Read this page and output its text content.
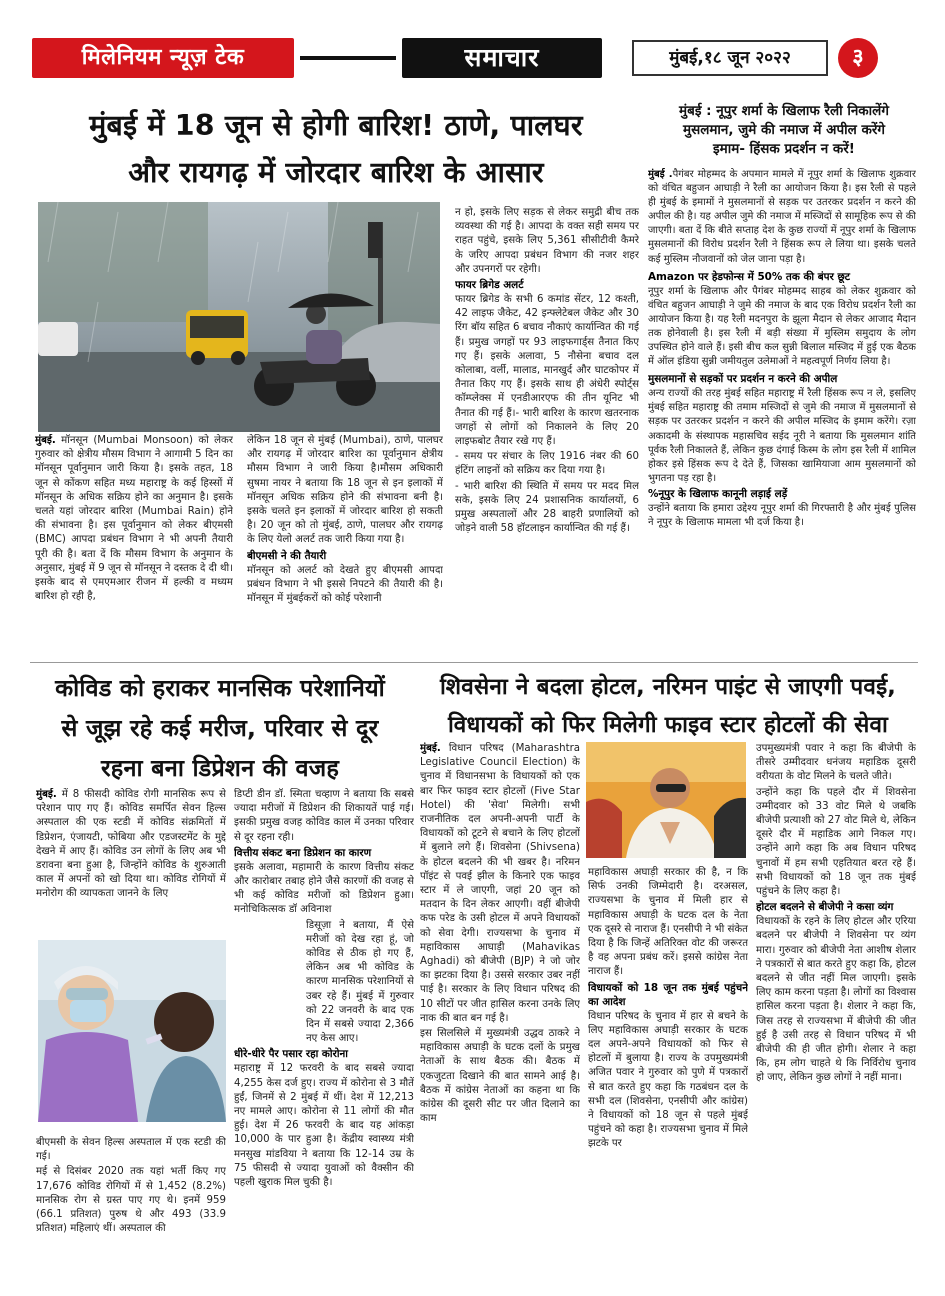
मिलेनियम न्यूज़ टेक	समाचार	मुंबई,१८ जून २०२२	३
मुंबई में 18 जून से होगी बारिश! ठाणे, पालघर
और रायगढ़ में जोरदार बारिश के आसार

मुंबई. मॉनसून (Mumbai Monsoon) को लेकर गुरुवार को क्षेत्रीय मौसम विभाग ने आगामी 5 दिन का मॉनसून पूर्वानुमान जारी किया है। इसके तहत, 18 जून से कोंकण सहित मध्य महाराष्ट्र के कई हिस्सों में मॉनसून के अधिक सक्रिय होने का अनुमान है। इसके चलते यहां जोरदार बारिश (Mumbai Rain) होने की संभावना है। इस पूर्वानुमान को लेकर बीएमसी (BMC) आपदा प्रबंधन विभाग ने भी अपनी तैयारी पूरी की है। बता दें कि मौसम विभाग के अनुमान के अनुसार, मुंबई में 9 जून से मॉनसून ने दस्तक दे दी थी। इसके बाद से एमएमआर रीजन में हल्की व मध्यम बारिश हो रही है,

लेकिन 18 जून से मुंबई (Mumbai), ठाणे, पालघर और रायगढ़ में जोरदार बारिश का पूर्वानुमान क्षेत्रीय मौसम विभाग ने जारी किया है।मौसम अधिकारी सुषमा नायर ने बताया कि 18 जून से इन इलाकों में मॉनसून अधिक सक्रिय होने की संभावना बनी है। इसके चलते इन इलाकों में जोरदार बारिश हो सकती है। 20 जून को तो मुंबई, ठाणे, पालघर और रायगढ़ के लिए येलो अलर्ट तक जारी किया गया है।

बीएमसी ने की तैयारी

मॉनसून को अलर्ट को देखते हुए बीएमसी आपदा प्रबंधन विभाग ने भी इससे निपटने की तैयारी की है। मॉनसून में मुंबईकरों को कोई परेशानी

न हो, इसके लिए सड़क से लेकर समुद्री बीच तक व्यवस्था की गई है। आपदा के वक्त सही समय पर राहत पहुंचे, इसके लिए 5,361 सीसीटीवी कैमरे के जरिए आपदा प्रबंधन विभाग की नजर शहर और उपनगरों पर रहेगी।

फायर ब्रिगेड अलर्ट

फायर ब्रिगेड के सभी 6 कमांड सेंटर, 12 कश्ती, 42 लाइफ जैकेट, 42 इन्फ्लेटेबल जैकेट और 30 रिंग बॉय सहित 6 बचाव नौकाएं कार्यान्वित की गई हैं। प्रमुख जगहों पर 93 लाइफगार्ड्स तैनात किए गए हैं। इसके अलावा, 5 नौसेना बचाव दल कोलाबा, वर्ली, मालाड, मानखुर्द और घाटकोपर में तैनात किए गए हैं। इसके साथ ही अंधेरी स्पोर्ट्स कॉम्प्लेक्स में एनडीआरएफ की तीन यूनिट भी तैनात की गई हैं।- भारी बारिश के कारण खतरनाक जगहों से लोगों को निकालने के लिए 20 लाइफबोट तैयार रखे गए हैं।

- समय पर संचार के लिए 1916 नंबर की 60 हंटिंग लाइनों को सक्रिय कर दिया गया है।

- भारी बारिश की स्थिति में समय पर मदद मिल सके, इसके लिए 24 प्रशासनिक कार्यालयों, 6 प्रमुख अस्पतालों और 28 बाहरी प्रणालियों को जोड़ने वाली 58 हॉटलाइन कार्यान्वित की गई हैं।

मुंबई : नूपुर शर्मा के खिलाफ रैली निकालेंगे
मुसलमान, जुमे की नमाज में अपील करेंगे
इमाम- हिंसक प्रदर्शन न करें!

मुंबई .पैगंबर मोहम्मद के अपमान मामले में नूपुर शर्मा के खिलाफ शुक्रवार को वंचित बहुजन आघाड़ी ने रैली का आयोजन किया है। इस रैली से पहले ही मुंबई के इमामों ने मुसलमानों से सड़क पर उतरकर प्रदर्शन न करने की अपील की है। यह अपील जुमे की नमाज में मस्जिदों से सामूहिक रूप से की जाएगी। बता दें कि बीते सप्ताह देश के कुछ राज्यों में नूपुर शर्मा के खिलाफ मुसलमानों की विरोध प्रदर्शन रैली ने हिंसक रूप ले लिया था। इसके चलते कई मुस्लिम नौजवानों को जेल जाना पड़ा है।

Amazon पर हेडफोन्स में 50% तक की बंपर छूट

नूपुर शर्मा के खिलाफ और पैगंबर मोहम्मद साहब को लेकर शुक्रवार को वंचित बहुजन आघाड़ी ने जुमे की नमाज के बाद एक विरोध प्रदर्शन रैली का आयोजन किया है। यह रैली मदनपुरा के झूला मैदान से लेकर आजाद मैदान तक होनेवाली है। इस रैली में बड़ी संख्या में मुस्लिम समुदाय के लोग उपस्थित होने वाले हैं। इसी बीच कल सुन्नी बिलाल मस्जिद में हुई एक बैठक में ऑल इंडिया सुन्नी जमीयतुल उलेमाओं ने महत्वपूर्ण निर्णय लिया है।

मुसलमानों से सड़कों पर प्रदर्शन न करने की अपील

अन्य राज्यों की तरह मुंबई सहित महाराष्ट्र में रैली हिंसक रूप न ले, इसलिए मुंबई सहित महाराष्ट्र की तमाम मस्जिदों से जुमे की नमाज में मुसलमानों से सड़क पर उतरकर प्रदर्शन न करने की अपील मस्जिद के इमाम करेंगे। रज़ा अकादमी के संस्थापक महासचिव सईद नूरी ने बताया कि मुसलमान शांति पूर्वक रैली निकालते हैं, लेकिन कुछ दंगाई किस्म के लोग इस रैली में शामिल होकर इसे हिंसक रूप दे देते हैं, जिसका खामियाजा आम मुसलमानों को भुगतना पड़ रहा है।

%नूपुर के खिलाफ कानूनी लड़ाई लड़ें

उन्होंने बताया कि हमारा उद्देश्य नूपुर शर्मा की गिरफ्तारी है और मुंबई पुलिस ने नूपुर के खिलाफ मामला भी दर्ज किया है।

कोविड को हराकर मानसिक परेशानियों
से जूझ रहे कई मरीज, परिवार से दूर
रहना बना डिप्रेशन की वजह

मुंबई. में 8 फीसदी कोविड रोगी मानसिक रूप से परेशान पाए गए हैं। कोविड समर्पित सेवन हिल्स अस्पताल की एक स्टडी में कोविड संक्रमितों में डिप्रेशन, एंजायटी, फोबिया और एडजस्टमेंट के मुद्दे देखने में आए हैं। कोविड उन लोगों के लिए अब भी डरावना बना हुआ है, जिन्होंने कोविड के शुरुआती काल में अपनों को खो दिया था। कोविड रोगियों में मनोरोग की व्यापकता जानने के लिए

बीएमसी के सेवन हिल्स अस्पताल में एक स्टडी की गई।

मई से दिसंबर 2020 तक यहां भर्ती किए गए 17,676 कोविड रोगियों में से 1,452 (8.2%) मानसिक रोग से ग्रस्त पाए गए थे। इनमें 959 (66.1 प्रतिशत) पुरुष थे और 493 (33.9 प्रतिशत) महिलाएं थीं। अस्पताल की

डिप्टी डीन डॉ. स्मिता चव्हाण ने बताया कि सबसे ज्यादा मरीजों में डिप्रेशन की शिकायतें पाई गई। इसकी प्रमुख वजह कोविड काल में उनका परिवार से दूर रहना रही।

वित्तीय संकट बना डिप्रेशन का कारण

इसके अलावा, महामारी के कारण वित्तीय संकट और कारोबार तबाह होने जैसे कारणों की वजह से भी कई कोविड मरीजों को डिप्रेशन हुआ। मनोचिकित्सक डॉ अविनाश

डिसूज़ा ने बताया, मैं ऐसे मरीजों को देख रहा हूं, जो कोविड से ठीक हो गए हैं, लेकिन अब भी कोविड के कारण मानसिक परेशानियों से उबर रहे हैं। मुंबई में गुरुवार को 22 जनवरी के बाद एक दिन में सबसे ज्यादा 2,366 नए केस आए।

धीरे-धीरे पैर पसार रहा कोरोना

महाराष्ट्र में 12 फरवरी के बाद सबसे ज्यादा 4,255 केस दर्ज हुए। राज्य में कोरोना से 3 मौतें हुईं, जिनमें से 2 मुंबई में थीं। देश में 12,213 नए मामले आए। कोरोना से 11 लोगों की मौत हुई। देश में 26 फरवरी के बाद यह आंकड़ा 10,000 के पार हुआ है। केंद्रीय स्वास्थ्य मंत्री मनसुख मांडविया ने बताया कि 12-14 उम्र के 75 फीसदी से ज्यादा युवाओं को वैक्सीन की पहली खुराक मिल चुकी है।

शिवसेना ने बदला होटल, नरिमन पाइंट से जाएगी पवई,
विधायकों को फिर मिलेगी फाइव स्टार होटलों की सेवा

मुंबई. विधान परिषद (Maharashtra Legislative Council Election) के चुनाव में विधानसभा के विधायकों को एक बार फिर फाइव स्टार होटलों (Five Star Hotel) की 'सेवा' मिलेगी। सभी राजनीतिक दल अपनी-अपनी पार्टी के विधायकों को टूटने से बचाने के लिए होटलों में बुलाने लगे हैं। शिवसेना (Shivsena) के होटल बदलने की भी खबर है। नरिमन पॉइंट से पवई झील के किनारे एक फाइव स्टार में ले जाएगी, जहां 20 जून को मतदान के दिन लेकर आएगी। वहीं बीजेपी कफ परेड के उसी होटल में अपने विधायकों को सेवा देगी। राज्यसभा के चुनाव में महाविकास आघाड़ी (Mahavikas Aghadi) को बीजेपी (BJP) ने जो जोर का झटका दिया है। उससे सरकार उबर नहीं पाई है। सरकार के लिए विधान परिषद की 10 सीटों पर जीत हासिल करना उनके लिए नाक की बात बन गई है।

इस सिलसिले में मुख्यमंत्री उद्धव ठाकरे ने महाविकास अघाड़ी के घटक दलों के प्रमुख नेताओं के साथ बैठक की। बैठक में एकजुटता दिखाने की बात सामने आई है। बैठक में कांग्रेस नेताओं का कहना था कि कांग्रेस की दूसरी सीट पर जीत दिलाने का काम

महाविकास अघाड़ी सरकार की है, न कि सिर्फ उनकी जिम्मेदारी है। दरअसल, राज्यसभा के चुनाव में मिली हार से महाविकास अघाड़ी के घटक दल के नेता एक दूसरे से नाराज हैं। एनसीपी ने भी संकेत दिया है कि जिन्हें अतिरिक्त वोट की जरूरत है वह अपना प्रबंध करें। इससे कांग्रेस नेता नाराज हैं।

विधायकों को 18 जून तक मुंबई पहुंचने का आदेश

विधान परिषद के चुनाव में हार से बचने के लिए महाविकास अघाड़ी सरकार के घटक दल अपने-अपने विधायकों को फिर से होटलों में बुलाया है। राज्य के उपमुख्यमंत्री अजित पवार ने गुरुवार को पुणे में पत्रकारों से बात करते हुए कहा कि गठबंधन दल के सभी दल (शिवसेना, एनसीपी और कांग्रेस) ने विधायकों को 18 जून से पहले मुंबई पहुंचने को कहा है। राज्यसभा चुनाव में मिले झटके पर

उपमुख्यमंत्री पवार ने कहा कि बीजेपी के तीसरे उम्मीदवार धनंजय महाडिक दूसरी वरीयता के वोट मिलने के चलते जीते।

उन्होंने कहा कि पहले दौर में शिवसेना उम्मीदवार को 33 वोट मिले थे जबकि बीजेपी प्रत्याशी को 27 वोट मिले थे, लेकिन दूसरे दौर में महाडिक आगे निकल गए। उन्होंने आगे कहा कि अब विधान परिषद चुनावों में हम सभी एहतियात बरत रहे हैं। सभी विधायकों को 18 जून तक मुंबई पहुंचने के लिए कहा है।

होटल बदलने से बीजेपी ने कसा व्यंग

विधायकों के रहने के लिए होटल और एरिया बदलने पर बीजेपी ने शिवसेना पर व्यंग मारा। गुरुवार को बीजेपी नेता आशीष शेलार ने पत्रकारों से बात करते हुए कहा कि, होटल बदलने से जीत नहीं मिल जाएगी। इसके लिए काम करना पड़ता है। लोगों का विश्वास हासिल करना पड़ता है। शेलार ने कहा कि, जिस तरह से राज्यसभा में बीजेपी की जीत हुई है उसी तरह से विधान परिषद में भी बीजेपी की ही जीत होगी। शेलार ने कहा कि, हम लोग चाहते थे कि निर्विरोध चुनाव हो जाए, लेकिन कुछ लोगों ने नहीं माना।
